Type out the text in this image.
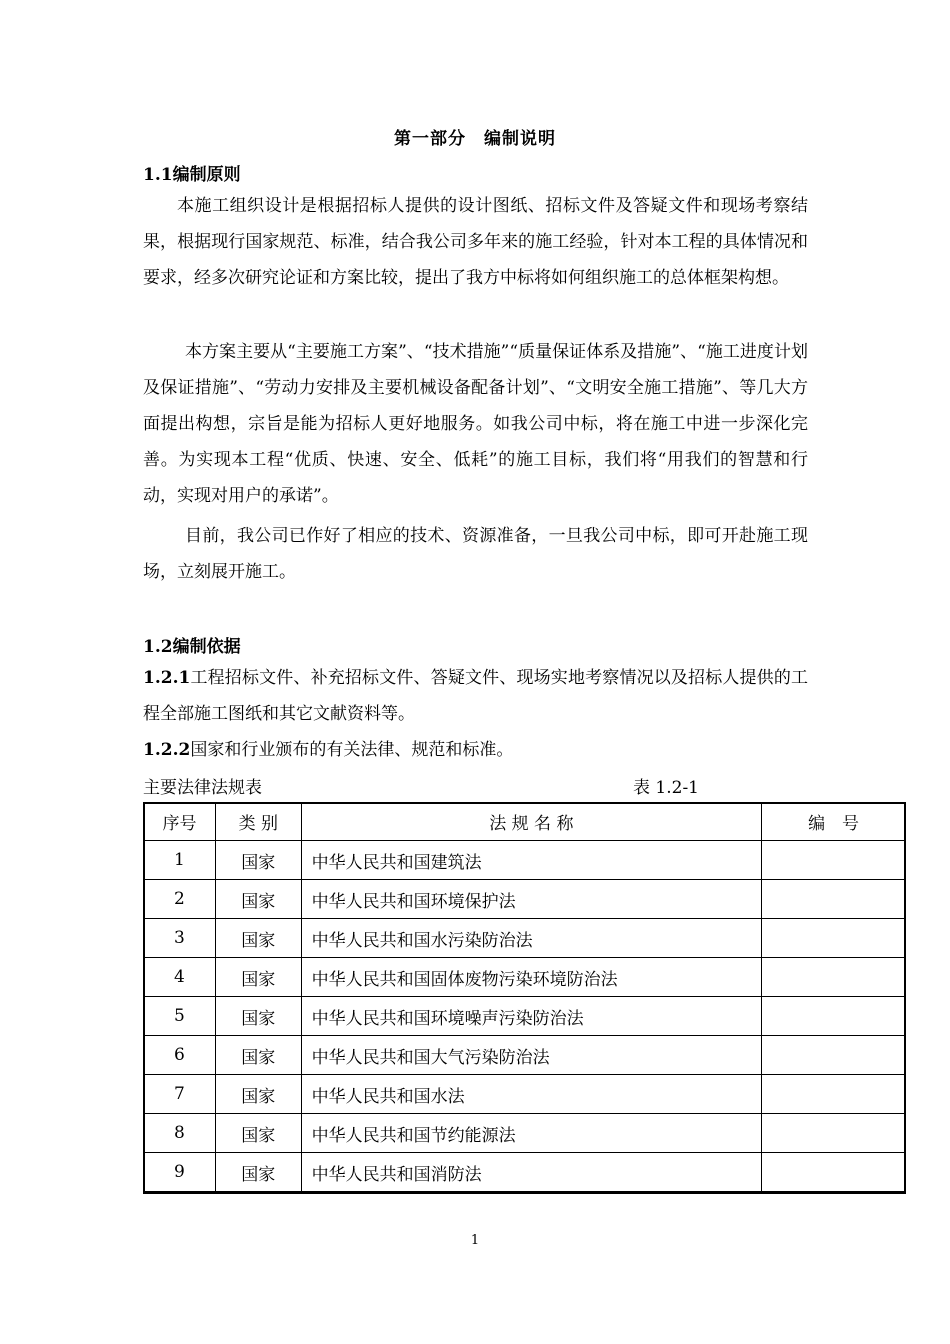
第一部分　编制说明
1.1编制原则
本施工组织设计是根据招标人提供的设计图纸、招标文件及答疑文件和现场考察结果，根据现行国家规范、标准，结合我公司多年来的施工经验，针对本工程的具体情况和要求，经多次研究论证和方案比较，提出了我方中标将如何组织施工的总体框架构想。
本方案主要从“主要施工方案”、“技术措施”“质量保证体系及措施”、“施工进度计划及保证措施”、“劳动力安排及主要机械设备配备计划”、“文明安全施工措施”、等几大方面提出构想，宗旨是能为招标人更好地服务。如我公司中标，将在施工中进一步深化完善。为实现本工程“优质、快速、安全、低耗”的施工目标，我们将“用我们的智慧和行动，实现对用户的承诺”。
目前，我公司已作好了相应的技术、资源准备，一旦我公司中标，即可开赴施工现场，立刻展开施工。
1.2编制依据
1.2.1工程招标文件、补充招标文件、答疑文件、现场实地考察情况以及招标人提供的工程全部施工图纸和其它文献资料等。
1.2.2国家和行业颁布的有关法律、规范和标准。
主要法律法规表	表 1.2-1
序号	类 别	法 规 名 称	编　号
1	国家	中华人民共和国建筑法	
2	国家	中华人民共和国环境保护法	
3	国家	中华人民共和国水污染防治法	
4	国家	中华人民共和国固体废物污染环境防治法	
5	国家	中华人民共和国环境噪声污染防治法	
6	国家	中华人民共和国大气污染防治法	
7	国家	中华人民共和国水法	
8	国家	中华人民共和国节约能源法	
9	国家	中华人民共和国消防法	
1
